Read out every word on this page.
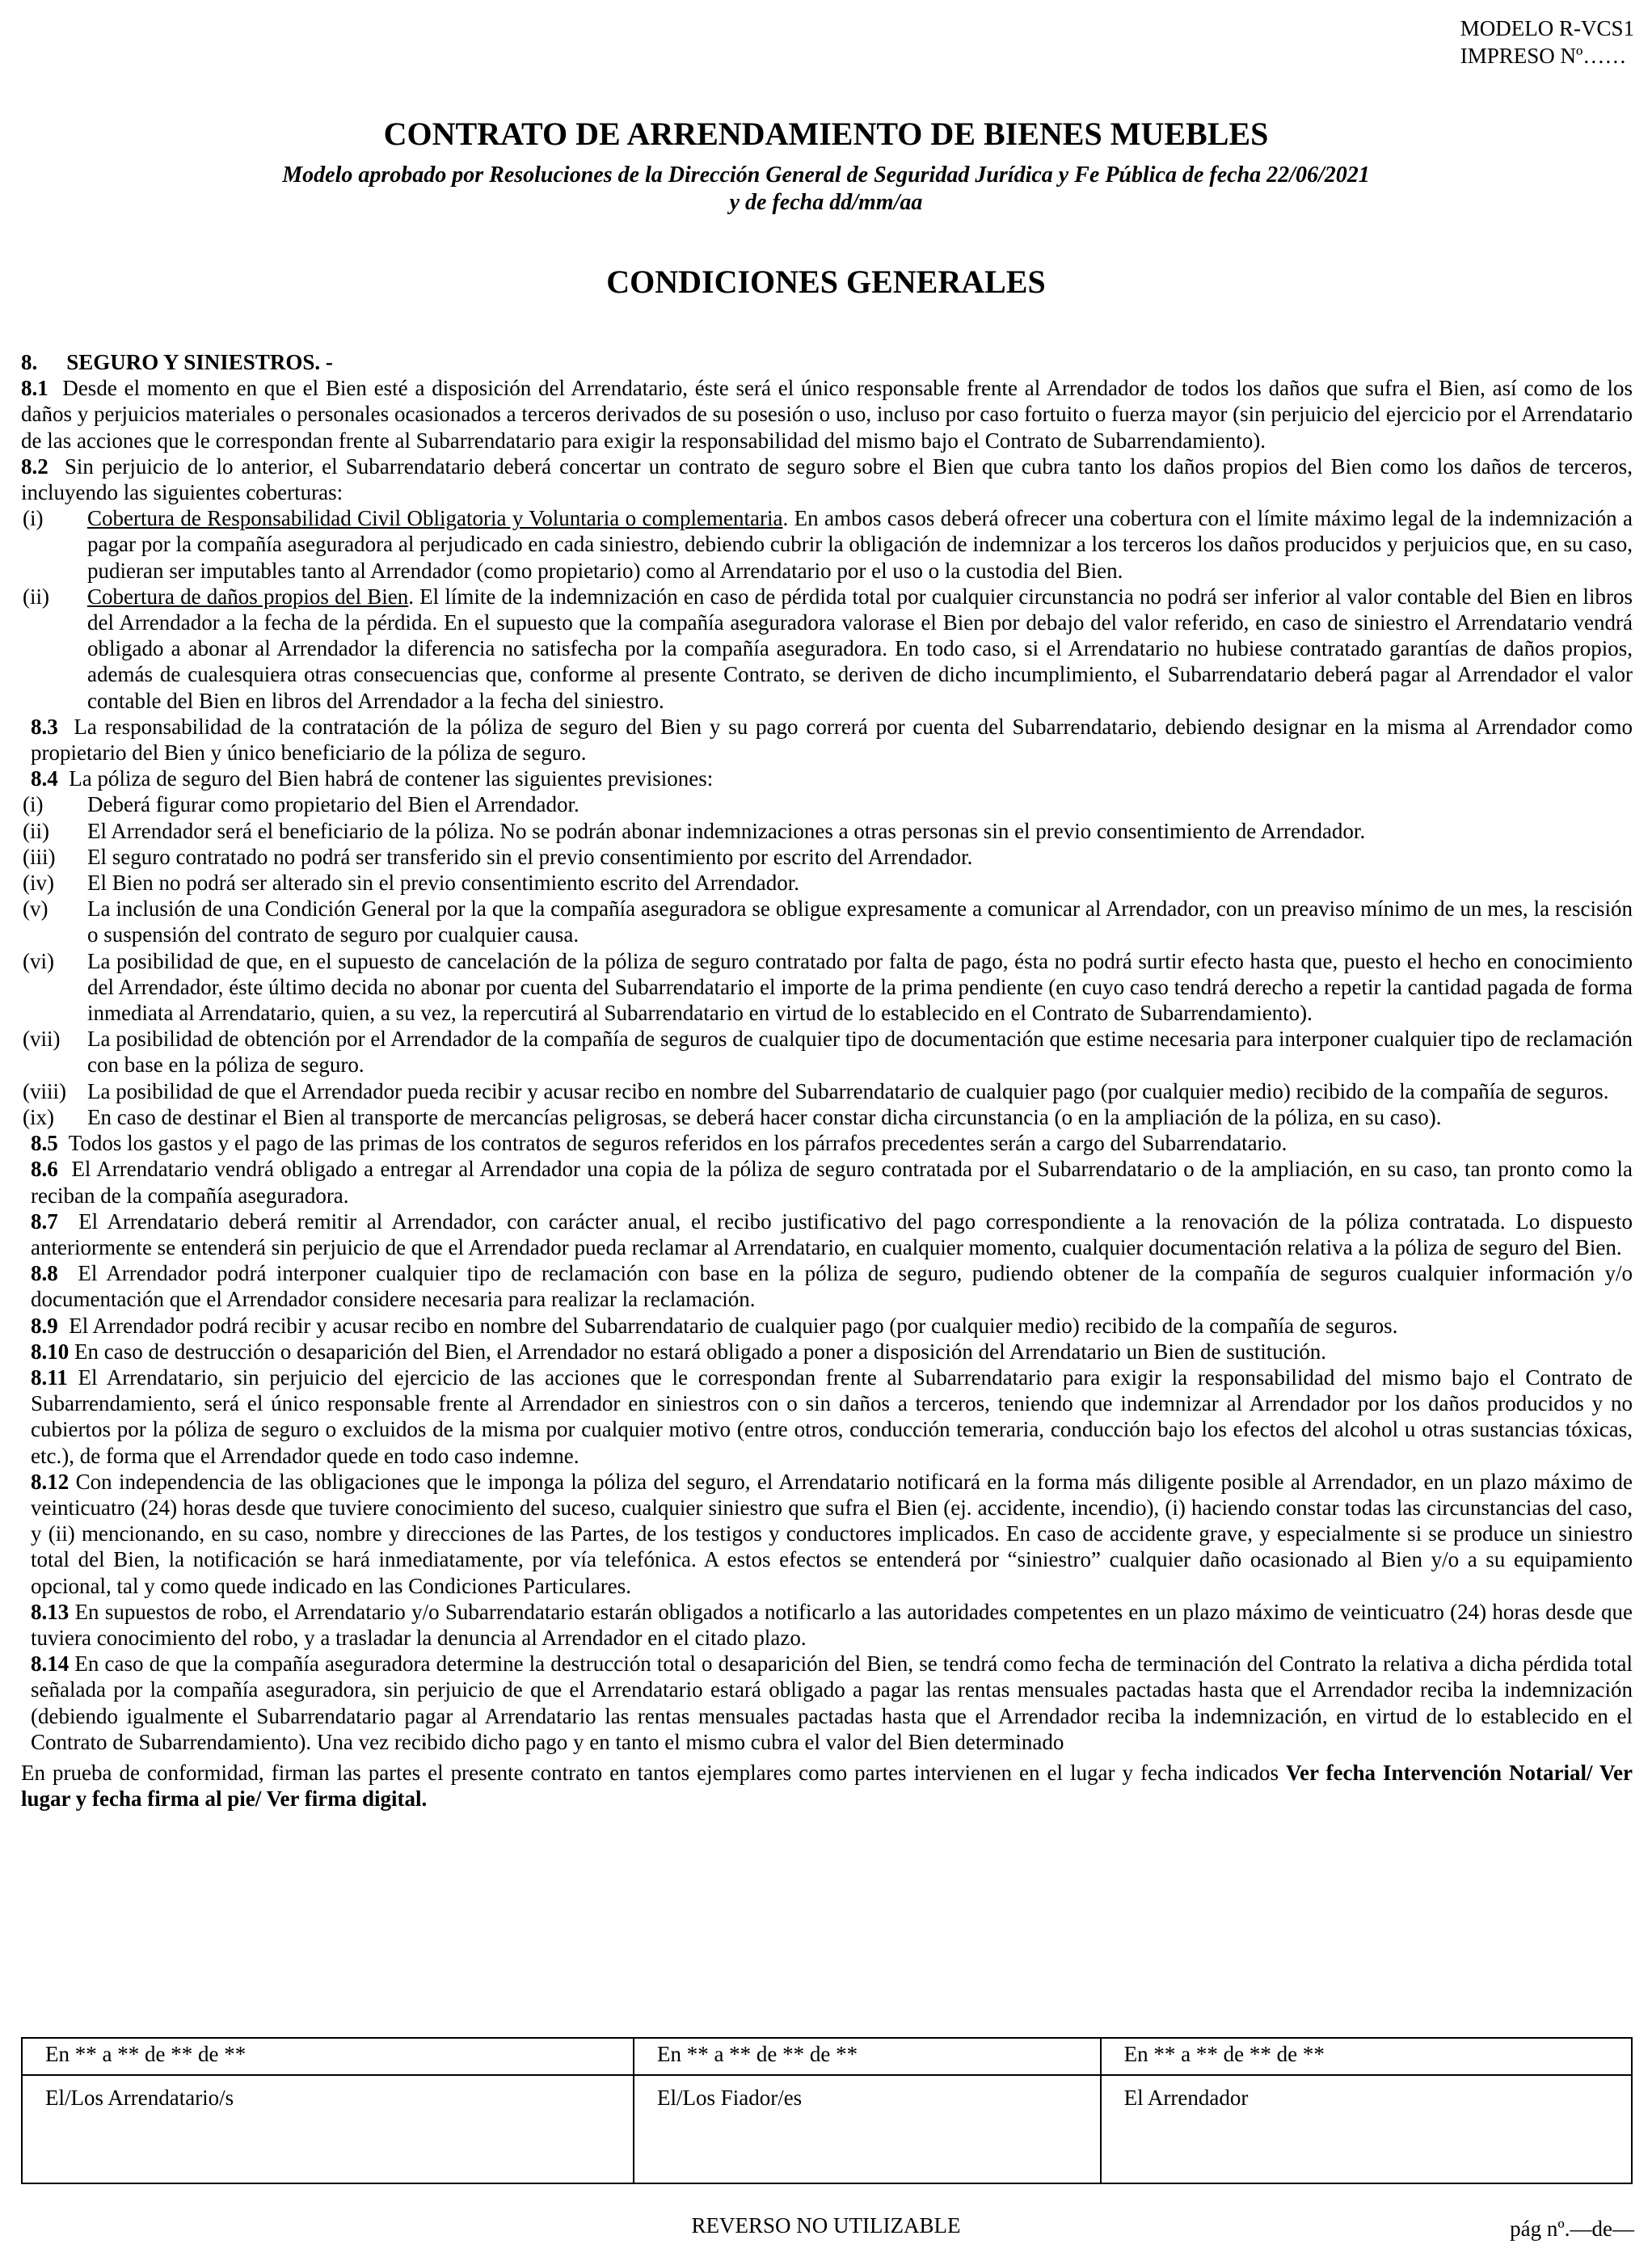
MODELO R-VCS1
IMPRESO Nº……
CONTRATO DE ARRENDAMIENTO DE BIENES MUEBLES
Modelo aprobado por Resoluciones de la Dirección General de Seguridad Jurídica y Fe Pública de fecha 22/06/2021
y de fecha dd/mm/aa
CONDICIONES GENERALES
8. SEGURO Y SINIESTROS. -

8.1 Desde el momento en que el Bien esté a disposición del Arrendatario, éste será el único responsable frente al Arrendador de todos los daños que sufra el Bien, así como de los daños y perjuicios materiales o personales ocasionados a terceros derivados de su posesión o uso, incluso por caso fortuito o fuerza mayor (sin perjuicio del ejercicio por el Arrendatario de las acciones que le correspondan frente al Subarrendatario para exigir la responsabilidad del mismo bajo el Contrato de Subarrendamiento).

8.2 Sin perjuicio de lo anterior, el Subarrendatario deberá concertar un contrato de seguro sobre el Bien que cubra tanto los daños propios del Bien como los daños de terceros, incluyendo las siguientes coberturas:

(i)	Cobertura de Responsabilidad Civil Obligatoria y Voluntaria o complementaria. En ambos casos deberá ofrecer una cobertura con el límite máximo legal de la indemnización a pagar por la compañía aseguradora al perjudicado en cada siniestro, debiendo cubrir la obligación de indemnizar a los terceros los daños producidos y perjuicios que, en su caso, pudieran ser imputables tanto al Arrendador (como propietario) como al Arrendatario por el uso o la custodia del Bien.
(ii)	Cobertura de daños propios del Bien. El límite de la indemnización en caso de pérdida total por cualquier circunstancia no podrá ser inferior al valor contable del Bien en libros del Arrendador a la fecha de la pérdida. En el supuesto que la compañía aseguradora valorase el Bien por debajo del valor referido, en caso de siniestro el Arrendatario vendrá obligado a abonar al Arrendador la diferencia no satisfecha por la compañía aseguradora. En todo caso, si el Arrendatario no hubiese contratado garantías de daños propios, además de cualesquiera otras consecuencias que, conforme al presente Contrato, se deriven de dicho incumplimiento, el Subarrendatario deberá pagar al Arrendador el valor contable del Bien en libros del Arrendador a la fecha del siniestro.

8.3 La responsabilidad de la contratación de la póliza de seguro del Bien y su pago correrá por cuenta del Subarrendatario, debiendo designar en la misma al Arrendador como propietario del Bien y único beneficiario de la póliza de seguro.

8.4 La póliza de seguro del Bien habrá de contener las siguientes previsiones:

(i)	Deberá figurar como propietario del Bien el Arrendador.
(ii)	El Arrendador será el beneficiario de la póliza. No se podrán abonar indemnizaciones a otras personas sin el previo consentimiento de Arrendador.
(iii)	El seguro contratado no podrá ser transferido sin el previo consentimiento por escrito del Arrendador.
(iv)	El Bien no podrá ser alterado sin el previo consentimiento escrito del Arrendador.
(v)	La inclusión de una Condición General por la que la compañía aseguradora se obligue expresamente a comunicar al Arrendador, con un preaviso mínimo de un mes, la rescisión o suspensión del contrato de seguro por cualquier causa.
(vi)	La posibilidad de que, en el supuesto de cancelación de la póliza de seguro contratado por falta de pago, ésta no podrá surtir efecto hasta que, puesto el hecho en conocimiento del Arrendador, éste último decida no abonar por cuenta del Subarrendatario el importe de la prima pendiente (en cuyo caso tendrá derecho a repetir la cantidad pagada de forma inmediata al Arrendatario, quien, a su vez, la repercutirá al Subarrendatario en virtud de lo establecido en el Contrato de Subarrendamiento).
(vii)	La posibilidad de obtención por el Arrendador de la compañía de seguros de cualquier tipo de documentación que estime necesaria para interponer cualquier tipo de reclamación con base en la póliza de seguro.
(viii) La posibilidad de que el Arrendador pueda recibir y acusar recibo en nombre del Subarrendatario de cualquier pago (por cualquier medio) recibido de la compañía de seguros.
(ix)	En caso de destinar el Bien al transporte de mercancías peligrosas, se deberá hacer constar dicha circunstancia (o en la ampliación de la póliza, en su caso).

8.5 Todos los gastos y el pago de las primas de los contratos de seguros referidos en los párrafos precedentes serán a cargo del Subarrendatario.

8.6 El Arrendatario vendrá obligado a entregar al Arrendador una copia de la póliza de seguro contratada por el Subarrendatario o de la ampliación, en su caso, tan pronto como la reciban de la compañía aseguradora.

8.7 El Arrendatario deberá remitir al Arrendador, con carácter anual, el recibo justificativo del pago correspondiente a la renovación de la póliza contratada. Lo dispuesto anteriormente se entenderá sin perjuicio de que el Arrendador pueda reclamar al Arrendatario, en cualquier momento, cualquier documentación relativa a la póliza de seguro del Bien.

8.8 El Arrendador podrá interponer cualquier tipo de reclamación con base en la póliza de seguro, pudiendo obtener de la compañía de seguros cualquier información y/o documentación que el Arrendador considere necesaria para realizar la reclamación.

8.9 El Arrendador podrá recibir y acusar recibo en nombre del Subarrendatario de cualquier pago (por cualquier medio) recibido de la compañía de seguros.

8.10 En caso de destrucción o desaparición del Bien, el Arrendador no estará obligado a poner a disposición del Arrendatario un Bien de sustitución.

8.11 El Arrendatario, sin perjuicio del ejercicio de las acciones que le correspondan frente al Subarrendatario para exigir la responsabilidad del mismo bajo el Contrato de Subarrendamiento, será el único responsable frente al Arrendador en siniestros con o sin daños a terceros, teniendo que indemnizar al Arrendador por los daños producidos y no cubiertos por la póliza de seguro o excluidos de la misma por cualquier motivo (entre otros, conducción temeraria, conducción bajo los efectos del alcohol u otras sustancias tóxicas, etc.), de forma que el Arrendador quede en todo caso indemne.

8.12 Con independencia de las obligaciones que le imponga la póliza del seguro, el Arrendatario notificará en la forma más diligente posible al Arrendador, en un plazo máximo de veinticuatro (24) horas desde que tuviere conocimiento del suceso, cualquier siniestro que sufra el Bien (ej. accidente, incendio), (i) haciendo constar todas las circunstancias del caso, y (ii) mencionando, en su caso, nombre y direcciones de las Partes, de los testigos y conductores implicados. En caso de accidente grave, y especialmente si se produce un siniestro total del Bien, la notificación se hará inmediatamente, por vía telefónica. A estos efectos se entenderá por “siniestro” cualquier daño ocasionado al Bien y/o a su equipamiento opcional, tal y como quede indicado en las Condiciones Particulares.

8.13 En supuestos de robo, el Arrendatario y/o Subarrendatario estarán obligados a notificarlo a las autoridades competentes en un plazo máximo de veinticuatro (24) horas desde que tuviera conocimiento del robo, y a trasladar la denuncia al Arrendador en el citado plazo.

8.14 En caso de que la compañía aseguradora determine la destrucción total o desaparición del Bien, se tendrá como fecha de terminación del Contrato la relativa a dicha pérdida total señalada por la compañía aseguradora, sin perjuicio de que el Arrendatario estará obligado a pagar las rentas mensuales pactadas hasta que el Arrendador reciba la indemnización (debiendo igualmente el Subarrendatario pagar al Arrendatario las rentas mensuales pactadas hasta que el Arrendador reciba la indemnización, en virtud de lo establecido en el Contrato de Subarrendamiento). Una vez recibido dicho pago y en tanto el mismo cubra el valor del Bien determinado

En prueba de conformidad, firman las partes el presente contrato en tantos ejemplares como partes intervienen en el lugar y fecha indicados Ver fecha Intervención Notarial/ Ver lugar y fecha firma al pie/ Ver firma digital.

En ** a ** de ** de **	En ** a ** de ** de **	En ** a ** de ** de **
El/Los Arrendatario/s	El/Los Fiador/es	El Arrendador
REVERSO NO UTILIZABLE	pág nº.—de—
